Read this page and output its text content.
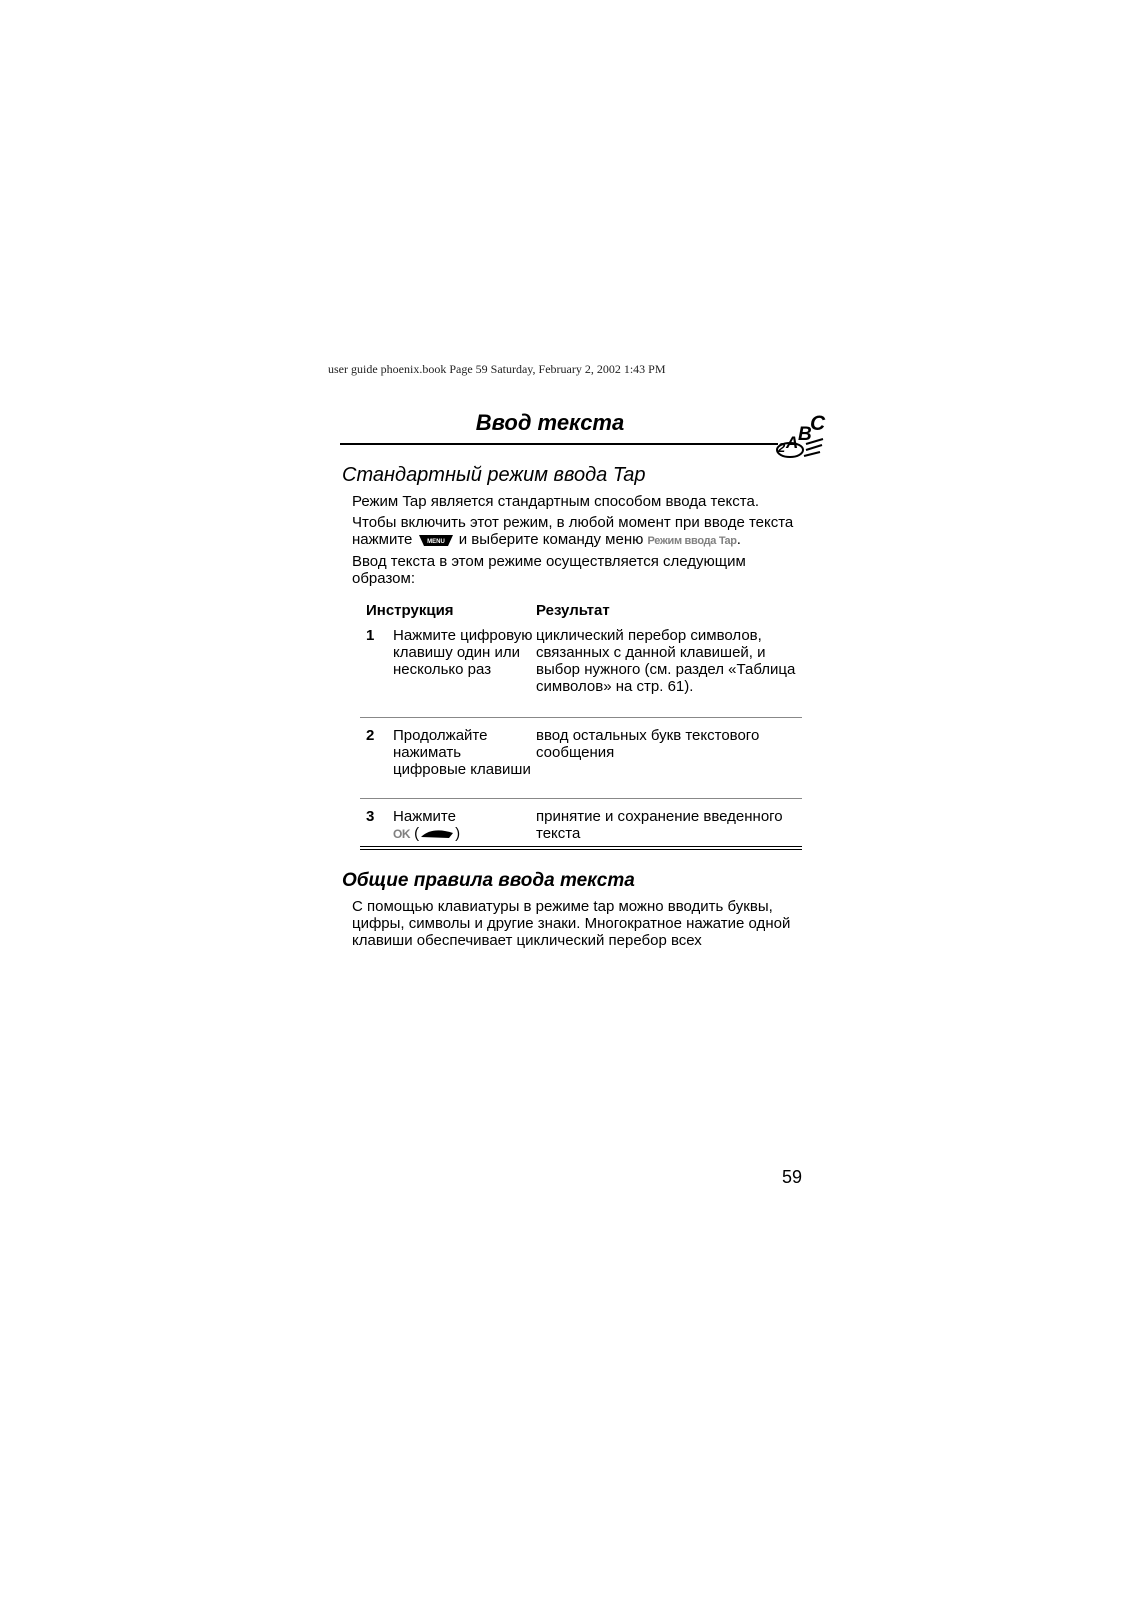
user guide phoenix.book Page 59 Saturday, February 2, 2002 1:43 PM
Ввод текста
2 A B
C
Стандартный режим ввода Tap
Режим Tap является стандартным способом ввода текста.
Чтобы включить этот режим, в любой момент при вводе текста нажмите MENU и выберите команду меню Режим ввода Tap.
Ввод текста в этом режиме осуществляется следующим образом:
Инструкция	Результат
1 Нажмите цифровую клавишу один или несколько раз
циклический перебор символов, связанных с данной клавишей, и выбор нужного (см. раздел «Таблица символов» на стр. 61).
2 Продолжайте нажимать цифровые клавиши
ввод остальных букв текстового сообщения
3 Нажмите
OK ( )
принятие и сохранение введенного текста
Общие правила ввода текста
С помощью клавиатуры в режиме tap можно вводить буквы, цифры, символы и другие знаки. Многократное нажатие одной клавиши обеспечивает циклический перебор всех
59
